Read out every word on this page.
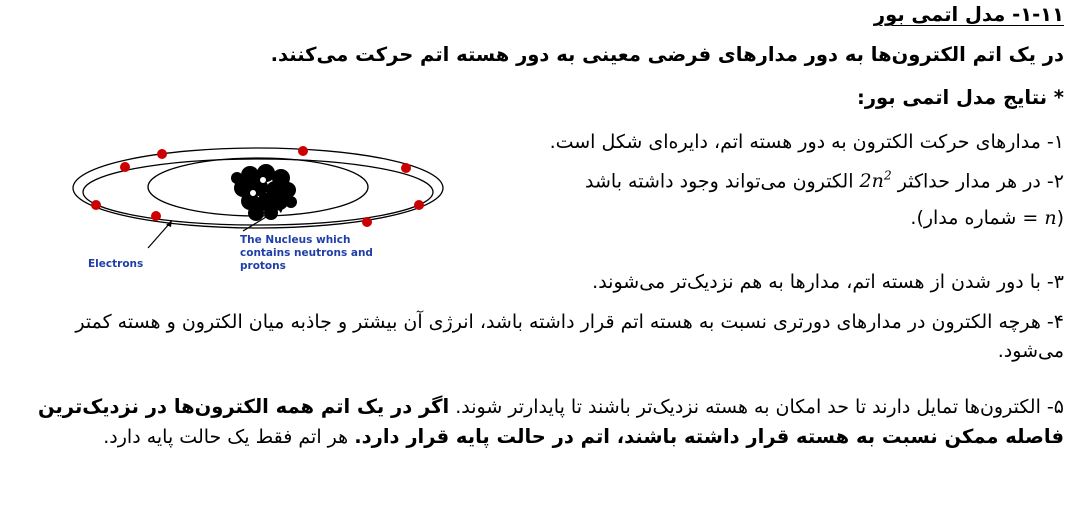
۱-۱۱- مدل اتمی بور
در یک اتم الکترون‌ها به دور مدارهای فرضی معینی به دور هسته اتم حرکت می‌کنند.
* نتایج مدل اتمی بور:
۱- مدارهای حرکت الکترون به دور هسته اتم، دایره‌ای شکل است.
۲- در هر مدار حداکثر $2n^2$ الکترون می‌تواند وجود داشته باشد
(n = شماره مدار).
۳- با دور شدن از هسته اتم، مدارها به هم نزدیک‌تر می‌شوند.
۴- هرچه الکترون در مدارهای دورتری نسبت به هسته اتم قرار داشته باشد، انرژی آن بیشتر و جاذبه میان الکترون و هسته کمتر می‌شود.
۵- الکترون‌ها تمایل دارند تا حد امکان به هسته نزدیک‌تر باشند تا پایدارتر شوند. اگر در یک اتم همه الکترون‌ها در نزدیک‌ترین فاصله ممکن نسبت به هسته قرار داشته باشند، اتم در حالت پایه قرار دارد. هر اتم فقط یک حالت پایه دارد.
Electrons
The Nucleus which contains neutrons and protons
